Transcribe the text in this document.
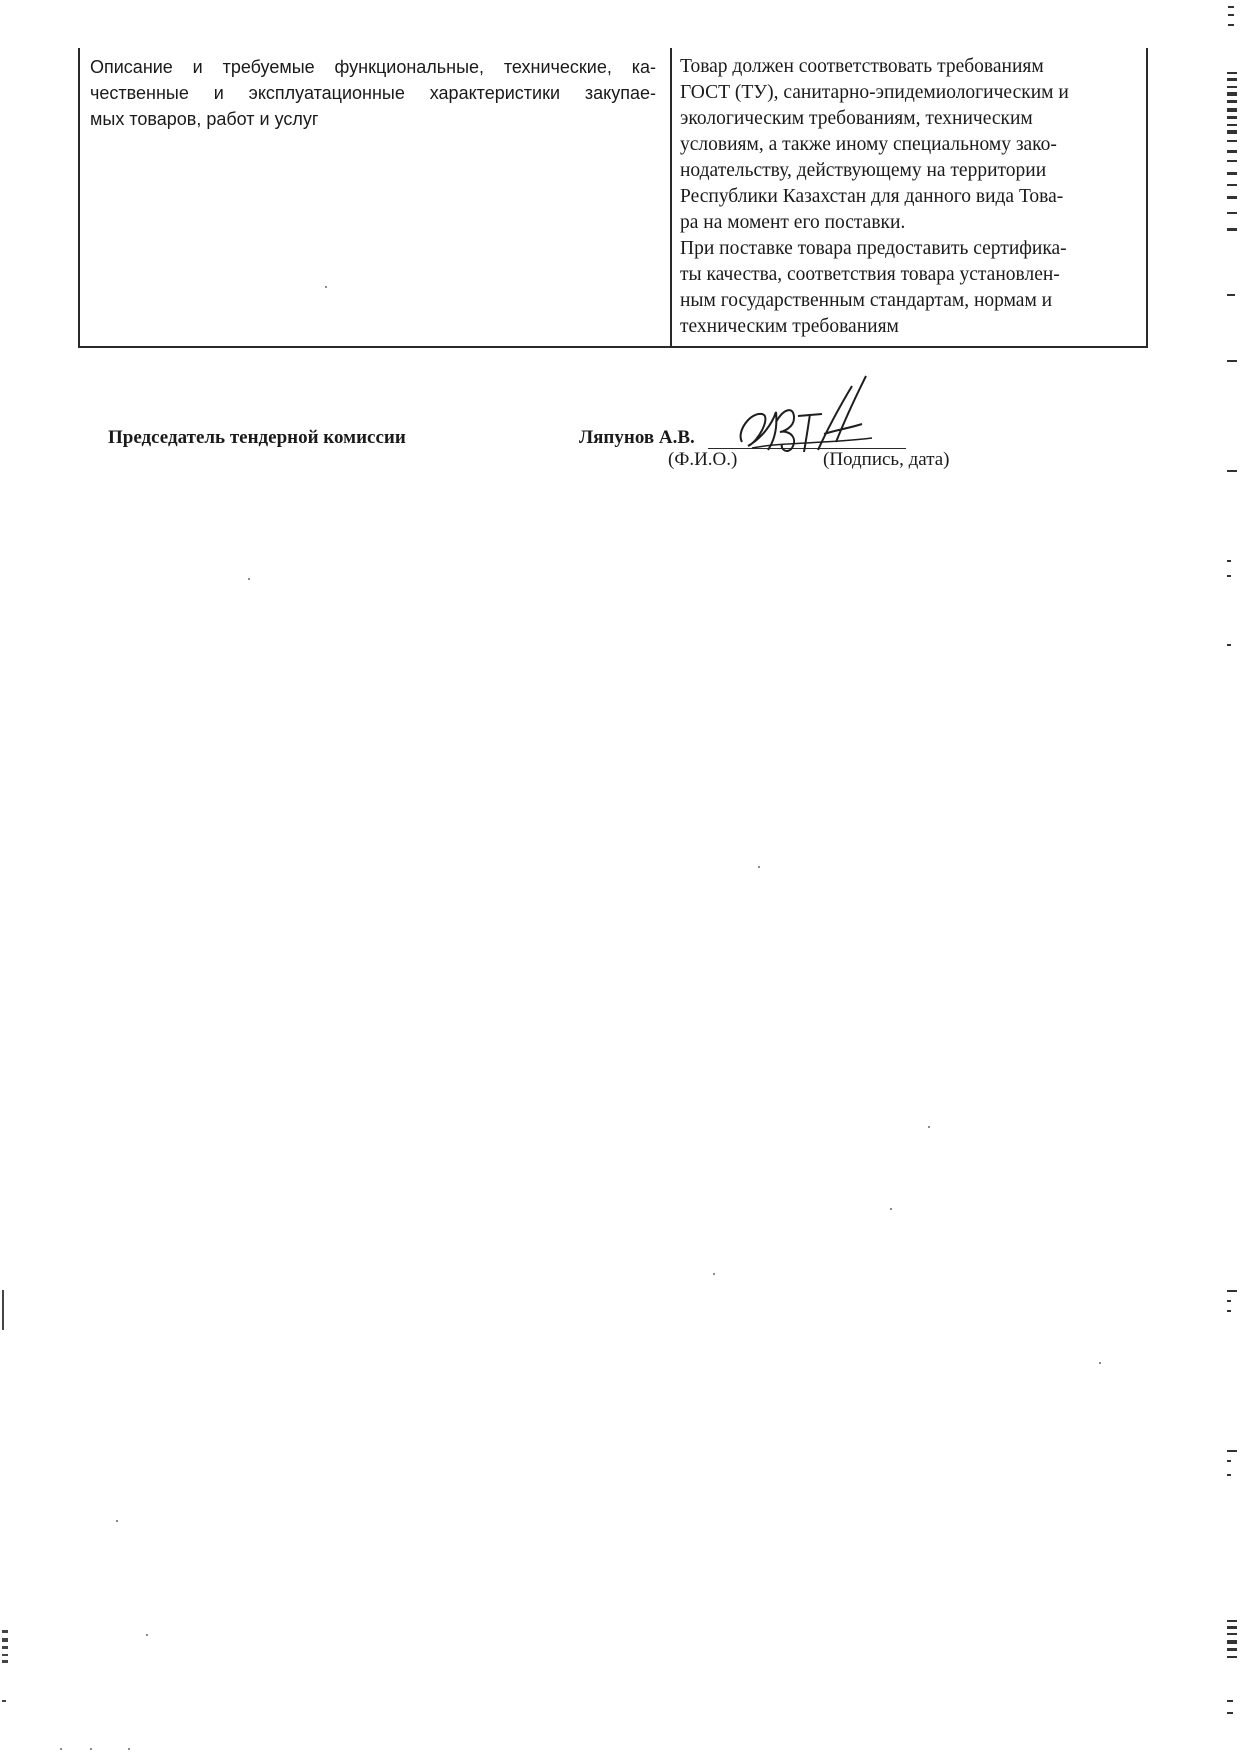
Описание и требуемые функциональные, технические, ка-
чественные и эксплуатационные характеристики закупае-
мых товаров, работ и услуг
Товар должен соответствовать требованиям
ГОСТ (ТУ), санитарно-эпидемиологическим и
экологическим требованиям, техническим
условиям, а также иному специальному зако-
нодательству, действующему на территории
Республики Казахстан для данного вида Това-
ра на момент его поставки.
При поставке товара предоставить сертифика-
ты качества, соответствия товара установлен-
ным государственным стандартам, нормам и
техническим требованиям
Председатель тендерной комиссии	Ляпунов А.В.
(Ф.И.О.)	(Подпись, дата)
